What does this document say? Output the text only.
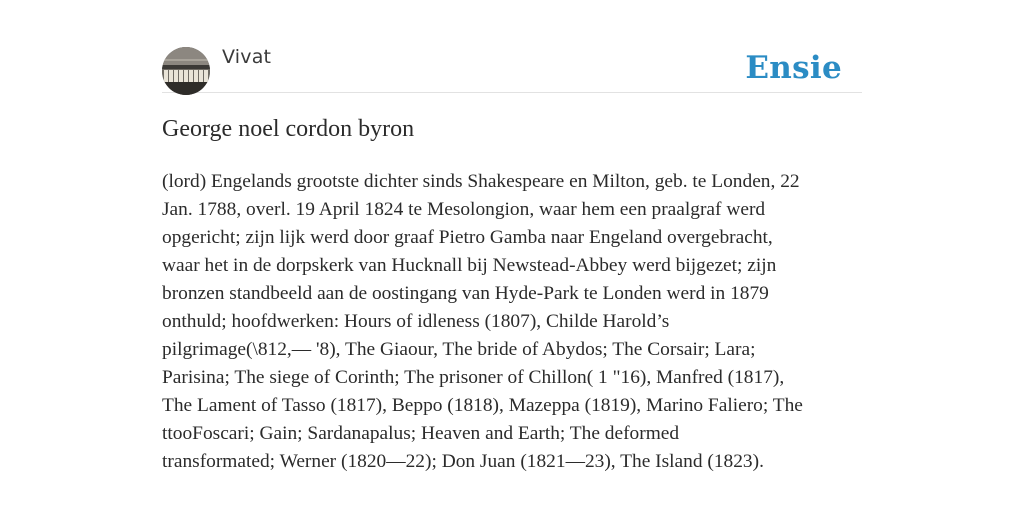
Vivat	Ensie
George noel cordon byron

(lord) Engelands grootste dichter sinds Shakespeare en Milton, geb. te Londen, 22
Jan. 1788, overl. 19 April 1824 te Mesolongion, waar hem een praalgraf werd
opgericht; zijn lijk werd door graaf Pietro Gamba naar Engeland overgebracht,
waar het in de dorpskerk van Hucknall bij Newstead-Abbey werd bijgezet; zijn
bronzen standbeeld aan de oostingang van Hyde-Park te Londen werd in 1879
onthuld; hoofdwerken: Hours of idleness (1807), Childe Harold’s
pilgrimage(\812,— '8), The Giaour, The bride of Abydos; The Corsair; Lara;
Parisina; The siege of Corinth; The prisoner of Chillon( 1 "16), Manfred (1817),
The Lament of Tasso (1817), Beppo (1818), Mazeppa (1819), Marino Faliero; The
ttooFoscari; Gain; Sardanapalus; Heaven and Earth; The deformed
transformated; Werner (1820—22); Don Juan (1821—23), The Island (1823).
